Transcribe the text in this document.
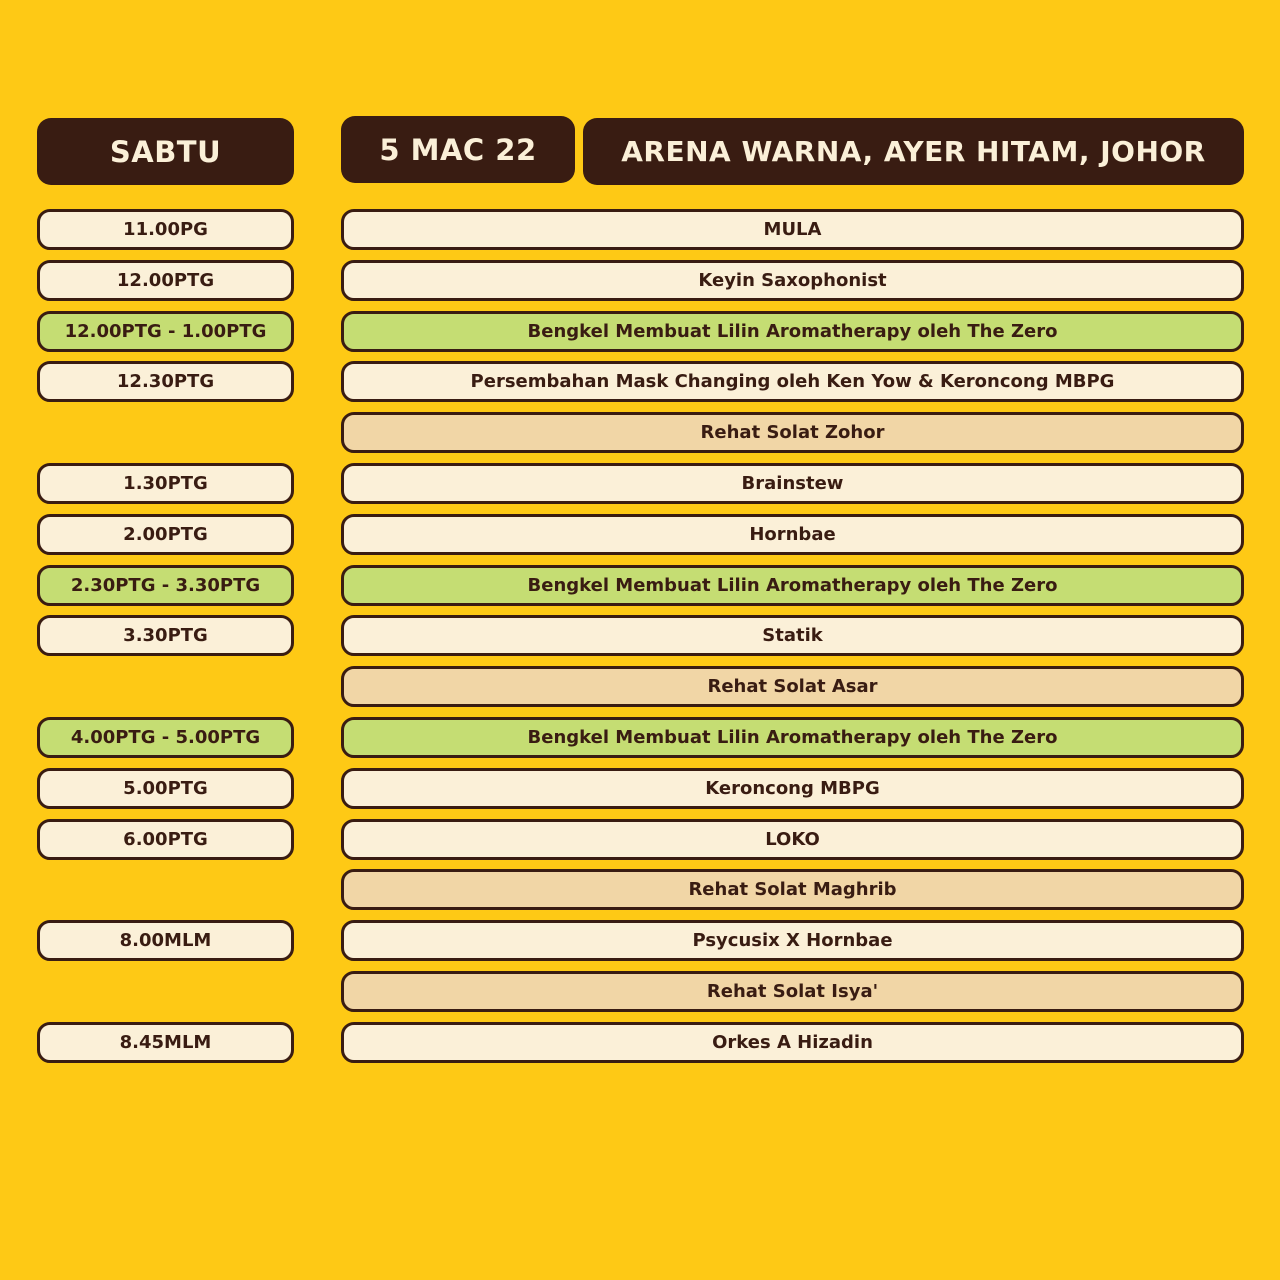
SABTU	5 MAC 22	ARENA WARNA, AYER HITAM, JOHOR
11.00PG	MULA
12.00PTG	Keyin Saxophonist
12.00PTG - 1.00PTG	Bengkel Membuat Lilin Aromatherapy oleh The Zero
12.30PTG	Persembahan Mask Changing oleh Ken Yow & Keroncong MBPG
Rehat Solat Zohor
1.30PTG	Brainstew
2.00PTG	Hornbae
2.30PTG - 3.30PTG	Bengkel Membuat Lilin Aromatherapy oleh The Zero
3.30PTG	Statik
Rehat Solat Asar
4.00PTG - 5.00PTG	Bengkel Membuat Lilin Aromatherapy oleh The Zero
5.00PTG	Keroncong MBPG
6.00PTG	LOKO
Rehat Solat Maghrib
8.00MLM	Psycusix X Hornbae
Rehat Solat Isya'
8.45MLM	Orkes A Hizadin
